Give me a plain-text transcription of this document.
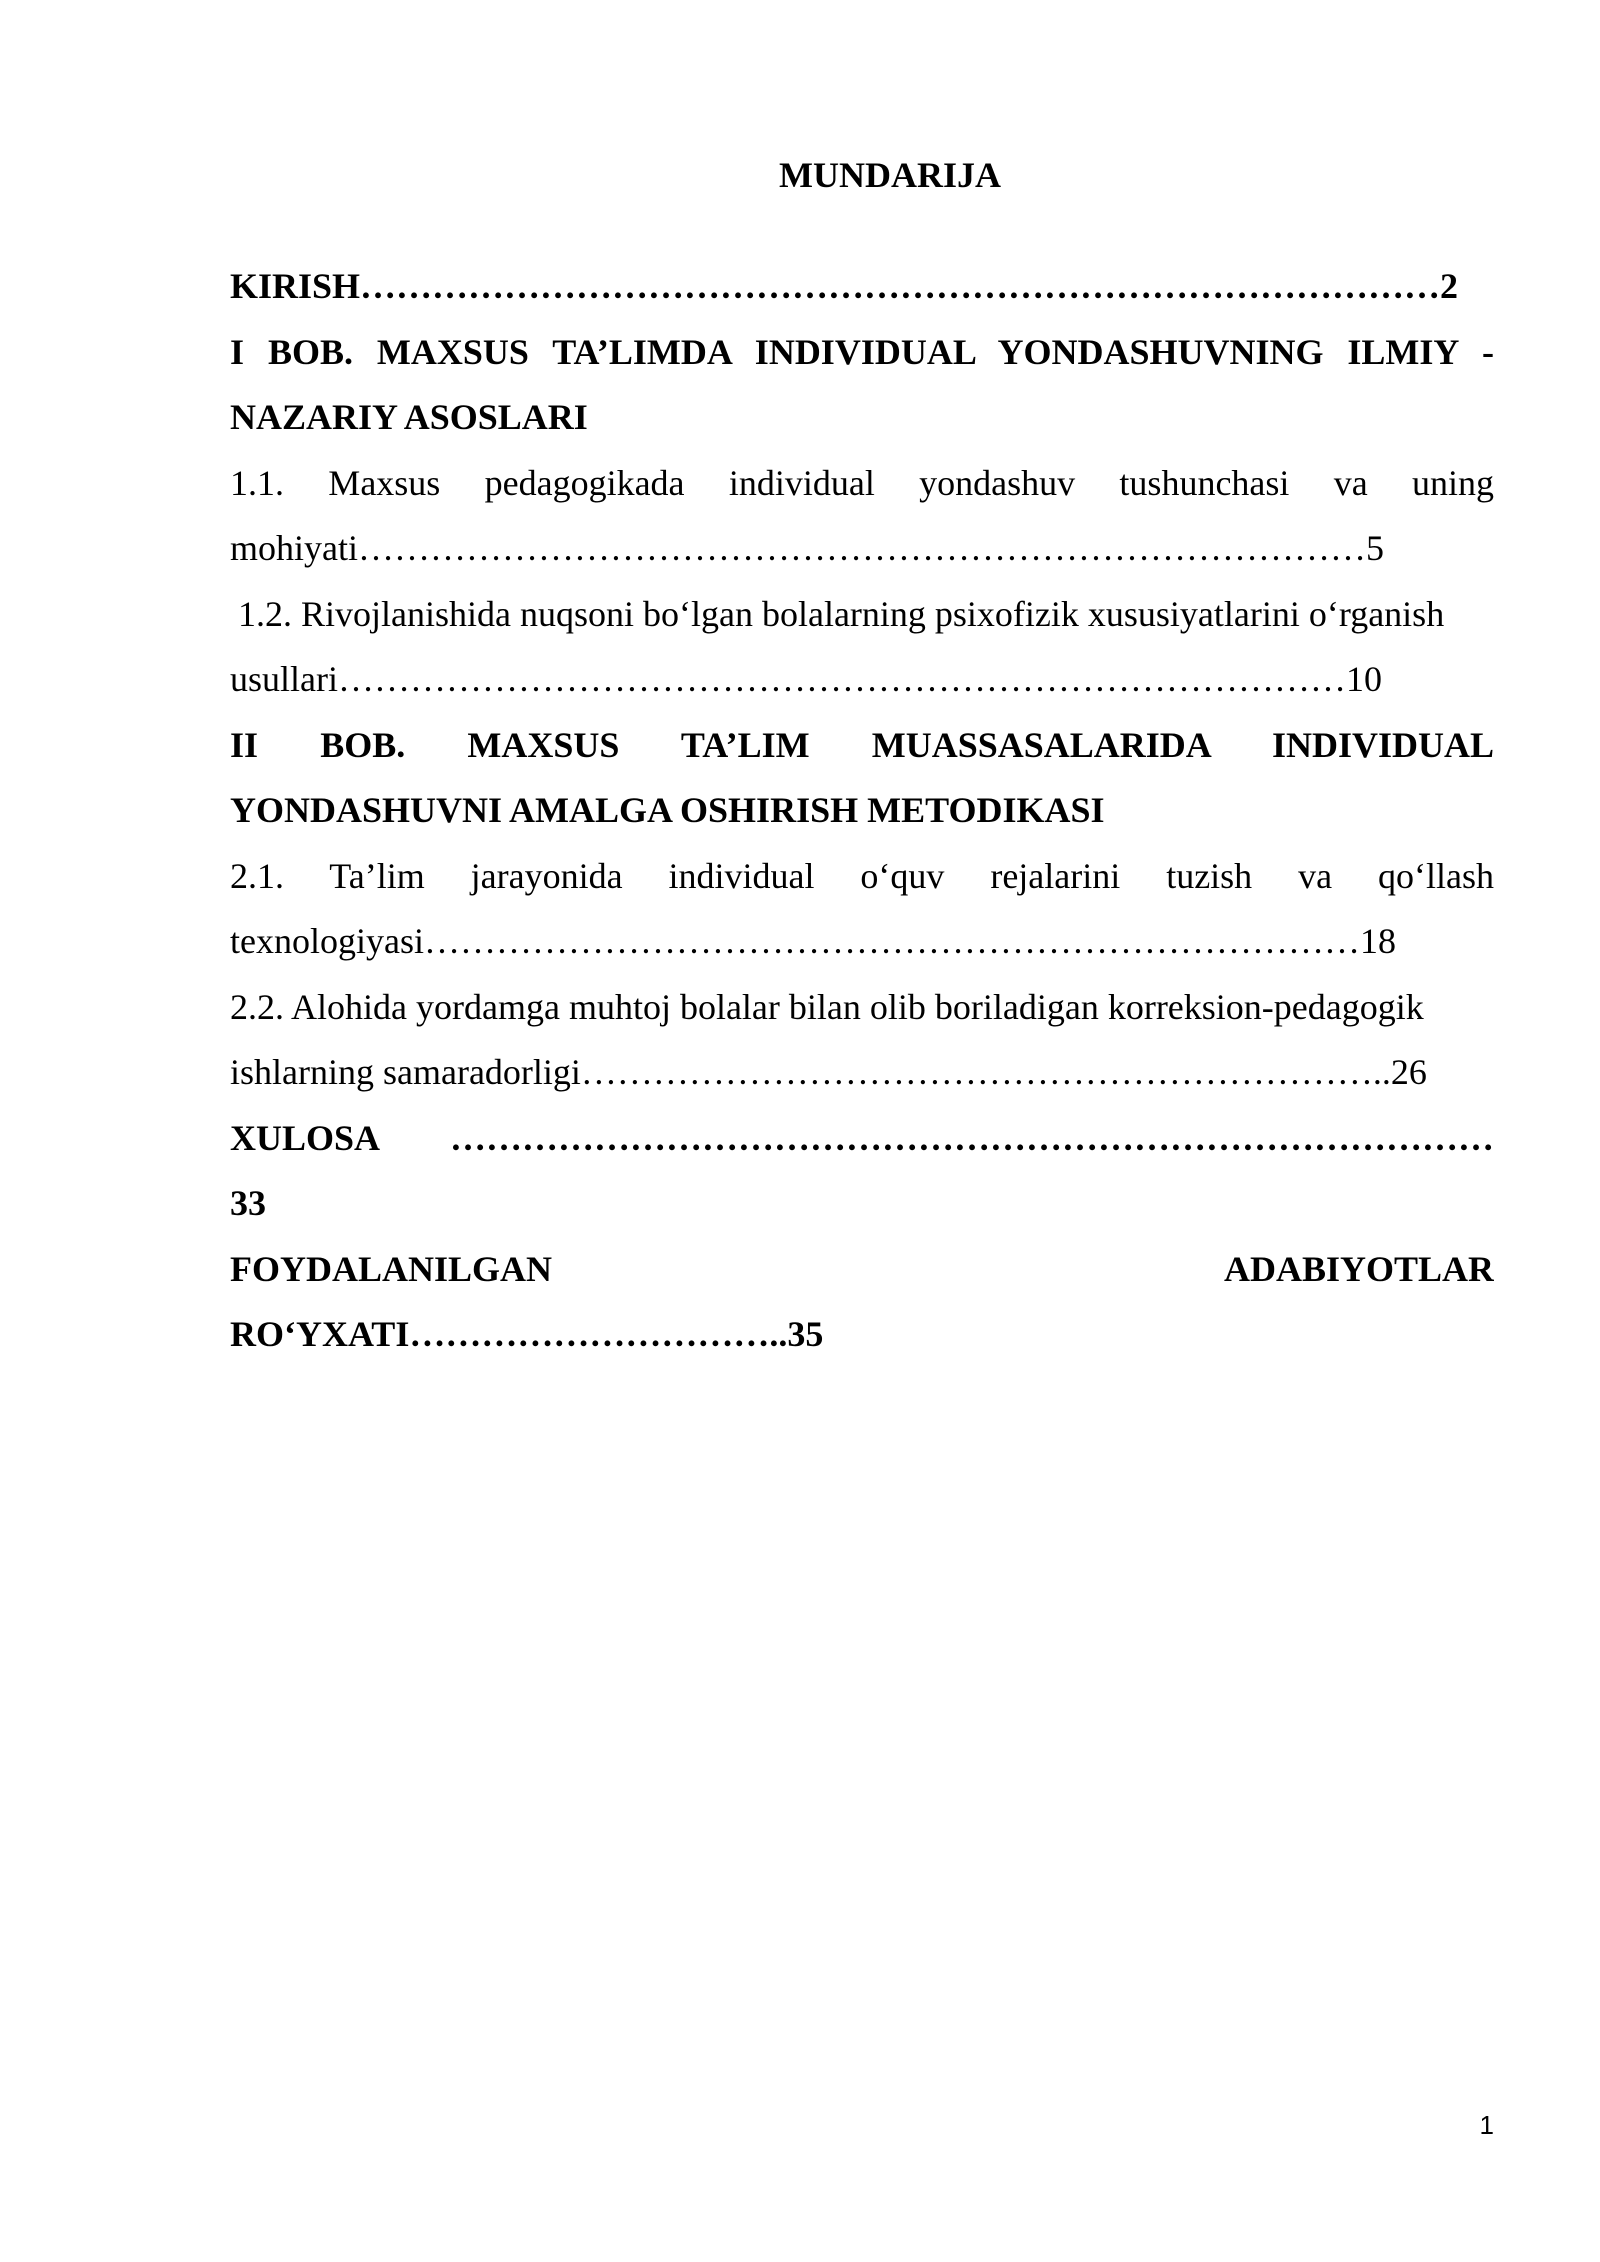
MUNDARIJA
KIRISH………………………………………………………………………………2
I BOB. MAXSUS TA’LIMDA INDIVIDUAL YONDASHUVNING ILMIY -
NAZARIY ASOSLARI
1.1. Maxsus pedagogikada individual yondashuv tushunchasi va uning
mohiyati…………………………………………………………………………5
1.2. Rivojlanishida nuqsoni bo‘lgan bolalarning psixofizik xususiyatlarini o‘rganish
usullari…………………………………………………………………………10
II BOB. MAXSUS TA’LIM MUASSASALARIDA INDIVIDUAL
YONDASHUVNI AMALGA OSHIRISH METODIKASI
2.1. Ta’lim jarayonida individual o‘quv rejalarini tuzish va qo‘llash
texnologiyasi……………………………………………………………………18
2.2. Alohida yordamga muhtoj bolalar bilan olib boriladigan korreksion-pedagogik
ishlarning samaradorligi…………………………………………………………..26
XULOSA ……………………………………………………………………………
33
FOYDALANILGAN ADABIYOTLAR
RO‘YXATI…………………………..35
1
